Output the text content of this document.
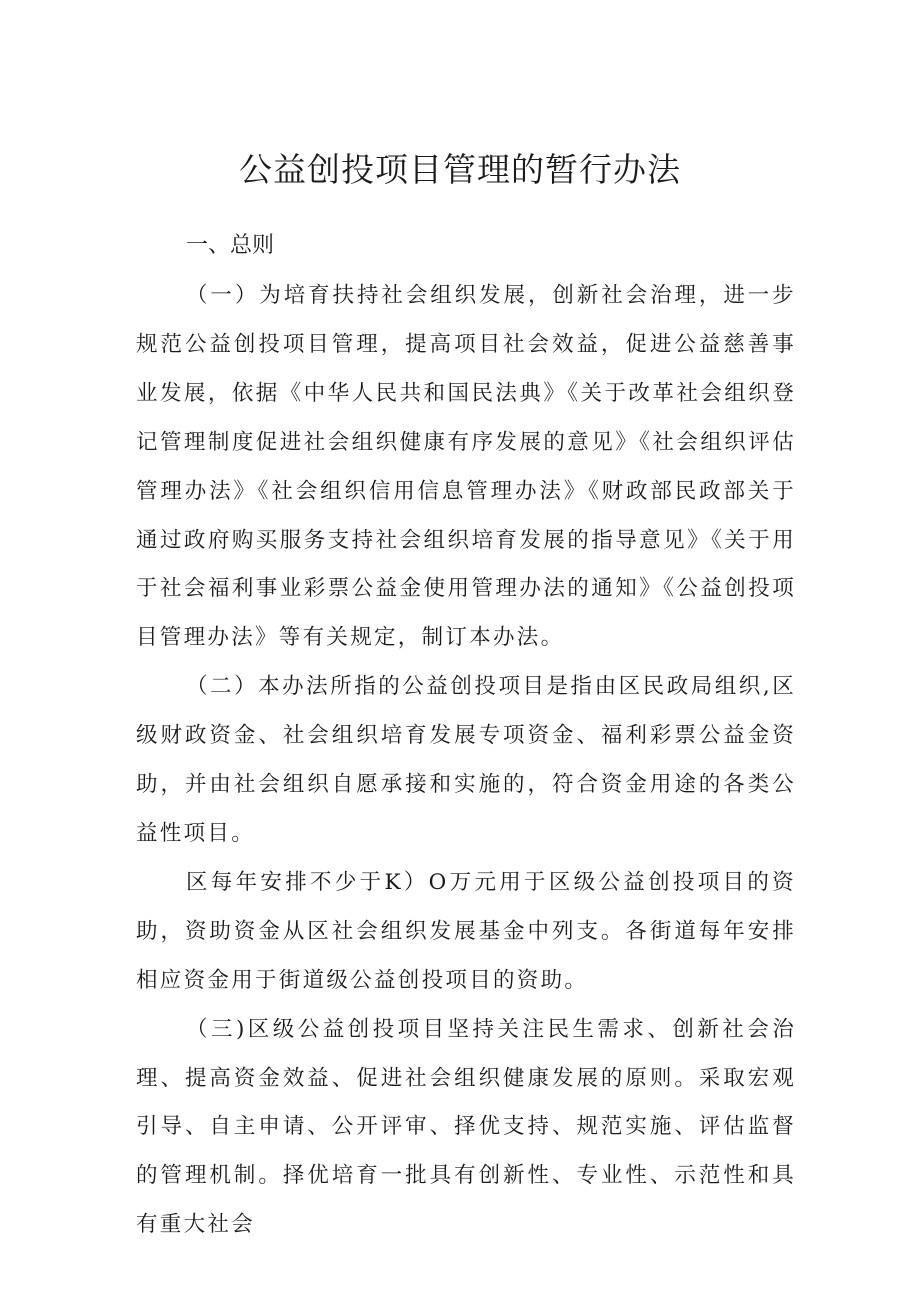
公益创投项目管理的暂行办法
一、总则

（一）为培育扶持社会组织发展，创新社会治理，进一步规范公益创投项目管理，提高项目社会效益，促进公益慈善事业发展，依据《中华人民共和国民法典》《关于改革社会组织登记管理制度促进社会组织健康有序发展的意见》《社会组织评估管理办法》《社会组织信用信息管理办法》《财政部民政部关于通过政府购买服务支持社会组织培育发展的指导意见》《关于用于社会福利事业彩票公益金使用管理办法的通知》《公益创投项目管理办法》等有关规定，制订本办法。

（二）本办法所指的公益创投项目是指由区民政局组织,区级财政资金、社会组织培育发展专项资金、福利彩票公益金资助，并由社会组织自愿承接和实施的，符合资金用途的各类公益性项目。

区每年安排不少于K）O万元用于区级公益创投项目的资助，资助资金从区社会组织发展基金中列支。各街道每年安排相应资金用于街道级公益创投项目的资助。

（三)区级公益创投项目坚持关注民生需求、创新社会治理、提高资金效益、促进社会组织健康发展的原则。采取宏观引导、自主申请、公开评审、择优支持、规范实施、评估监督的管理机制。择优培育一批具有创新性、专业性、示范性和具有重大社会
